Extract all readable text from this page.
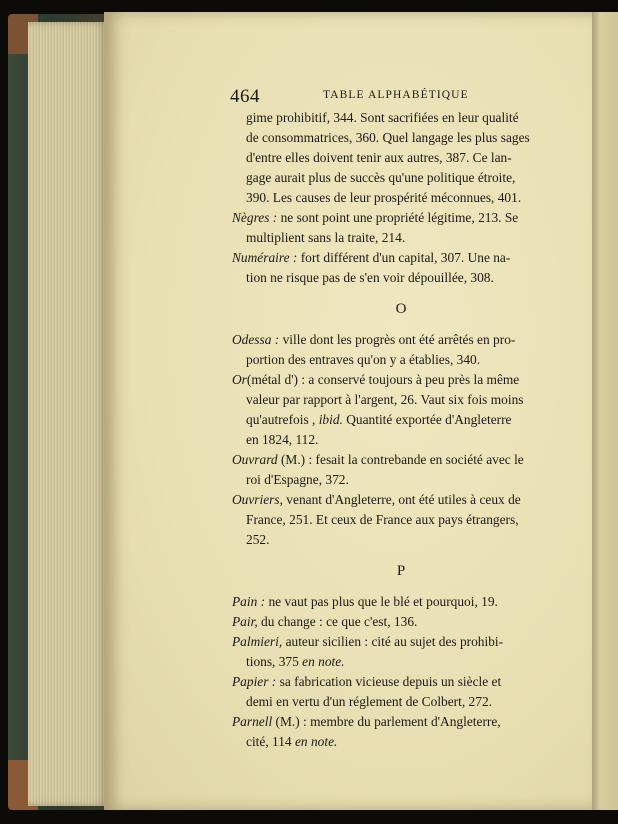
464	TABLE ALPHABÉTIQUE
gime prohibitif, 344. Sont sacrifiées en leur qualité
de consommatrices, 360. Quel langage les plus sages
d'entre elles doivent tenir aux autres, 387. Ce lan-
gage aurait plus de succès qu'une politique étroite,
390. Les causes de leur prospérité méconnues, 401.
Nègres : ne sont point une propriété légitime, 213. Se
multiplient sans la traite, 214.
Numéraire : fort différent d'un capital, 307. Une na-
tion ne risque pas de s'en voir dépouillée, 308.
O
Odessa : ville dont les progrès ont été arrêtés en pro-
portion des entraves qu'on y a établies, 340.
Or(métal d') : a conservé toujours à peu près la même
valeur par rapport à l'argent, 26. Vaut six fois moins
qu'autrefois , ibid. Quantité exportée d'Angleterre
en 1824, 112.
Ouvrard (M.) : fesait la contrebande en société avec le
roi d'Espagne, 372.
Ouvriers, venant d'Angleterre, ont été utiles à ceux de
France, 251. Et ceux de France aux pays étrangers,
252.
P
Pain : ne vaut pas plus que le blé et pourquoi, 19.
Pair, du change : ce que c'est, 136.
Palmieri, auteur sicilien : cité au sujet des prohibi-
tions, 375 en note.
Papier : sa fabrication vicieuse depuis un siècle et
demi en vertu d'un réglement de Colbert, 272.
Parnell (M.) : membre du parlement d'Angleterre,
cité, 114 en note.
